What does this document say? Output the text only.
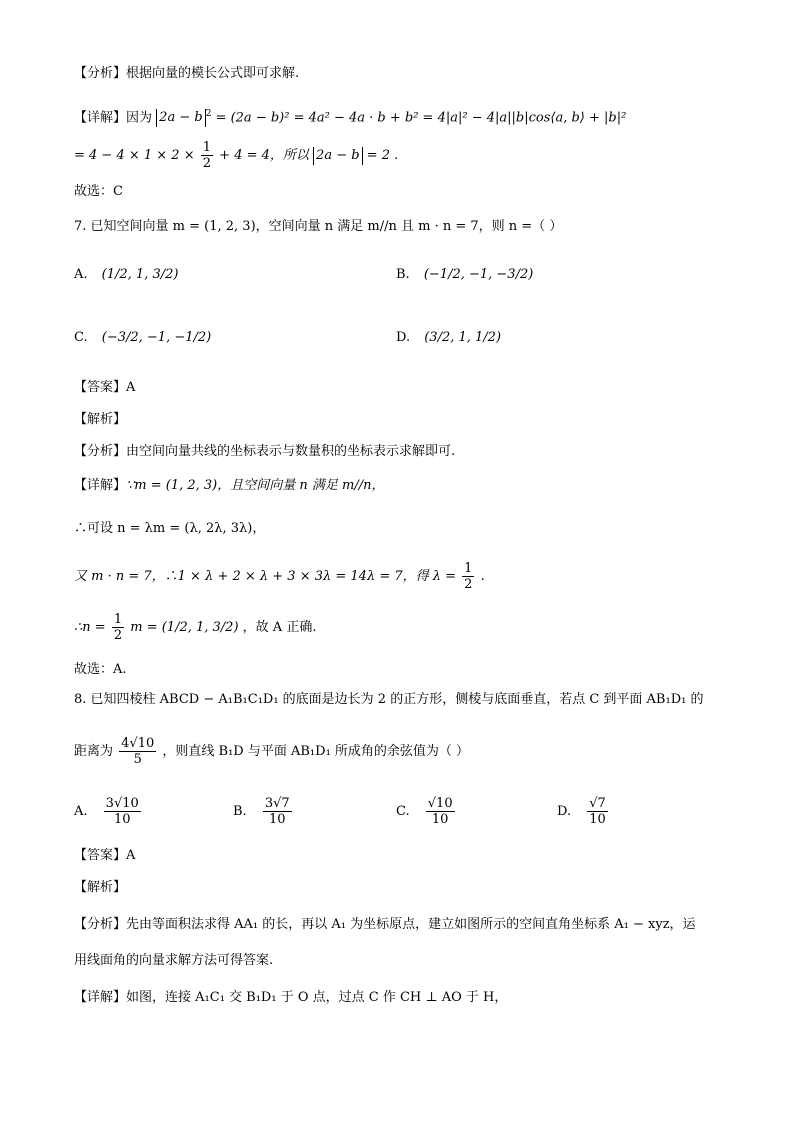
【分析】根据向量的模长公式即可求解.
【详解】因为 2a − b $^2$ = (2a − b)² = 4a² − 4a · b + b² = 4|a|² − 4|a||b|cos⟨a, b⟩ + |b|²
= $4 - 4 \times 1 \times 2 \times \frac{1}{2} + 4 = 4$，所以 2a − b = 2 .
故选：C
7. 已知空间向量 m = (1, 2, 3)，空间向量 n 满足 m//n 且 m · n = 7，则 n =（ ）
A. (1/2, 1, 3/2)	B. (−1/2, −1, −3/2)
C. (−3/2, −1, −1/2)	D. (3/2, 1, 1/2)
【答案】A
【解析】
【分析】由空间向量共线的坐标表示与数量积的坐标表示求解即可.
【详解】∵m = (1, 2, 3)，且空间向量 n 满足 m//n，
∴可设 n = λm = (λ, 2λ, 3λ)，
又 m · n = 7，∴1 × λ + 2 × λ + 3 × 3λ = 14λ = 7，得 $\lambda = \frac{1}{2}$ .
∴n = $\frac{1}{2}$ m = (1/2, 1, 3/2) ，故 A 正确.
故选：A.
8. 已知四棱柱 ABCD − A₁B₁C₁D₁ 的底面是边长为 2 的正方形，侧棱与底面垂直，若点 C 到平面 AB₁D₁ 的
距离为 $\frac{4√10}{5}$ ，则直线 B₁D 与平面 AB₁D₁ 所成角的余弦值为（ ）
A. $\frac{3√10}{10}$	B. $\frac{3√7}{10}$	C. $\frac{√10}{10}$	D. $\frac{√7}{10}$
【答案】A
【解析】
【分析】先由等面积法求得 AA₁ 的长，再以 A₁ 为坐标原点，建立如图所示的空间直角坐标系 A₁ − xyz，运
用线面角的向量求解方法可得答案.
【详解】如图，连接 A₁C₁ 交 B₁D₁ 于 O 点，过点 C 作 CH ⊥ AO 于 H，
